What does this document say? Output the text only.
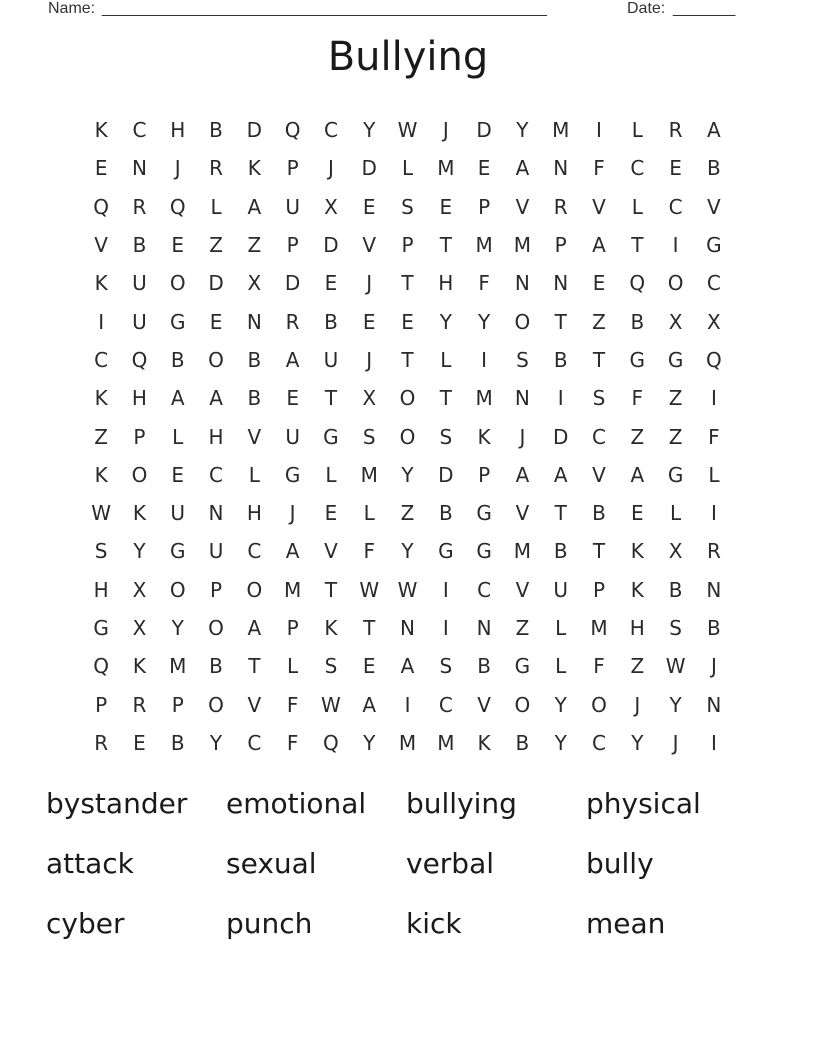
Name: __________________________________________________	Date: _______
Bullying
K	C	H	B	D	Q	C	Y	W	J	D	Y	M	I	L	R	A
E	N	J	R	K	P	J	D	L	M	E	A	N	F	C	E	B
Q	R	Q	L	A	U	X	E	S	E	P	V	R	V	L	C	V
V	B	E	Z	Z	P	D	V	P	T	M	M	P	A	T	I	G
K	U	O	D	X	D	E	J	T	H	F	N	N	E	Q	O	C
I	U	G	E	N	R	B	E	E	Y	Y	O	T	Z	B	X	X
C	Q	B	O	B	A	U	J	T	L	I	S	B	T	G	G	Q
K	H	A	A	B	E	T	X	O	T	M	N	I	S	F	Z	I
Z	P	L	H	V	U	G	S	O	S	K	J	D	C	Z	Z	F
K	O	E	C	L	G	L	M	Y	D	P	A	A	V	A	G	L
W	K	U	N	H	J	E	L	Z	B	G	V	T	B	E	L	I
S	Y	G	U	C	A	V	F	Y	G	G	M	B	T	K	X	R
H	X	O	P	O	M	T	W W	I	C	V	U	P	K	B	N
G	X	Y	O	A	P	K	T	N	I	N	Z	L	M	H	S	B
Q	K	M	B	T	L	S	E	A	S	B	G	L	F	Z	W	J
P	R	P	O	V	F	W	A	I	C	V	O	Y	O	J	Y	N
R	E	B	Y	C	F	Q	Y	M	M	K	B	Y	C	Y	J	I
bystander	emotional	bullying	physical
attack	sexual	verbal	bully
cyber	punch	kick	mean
